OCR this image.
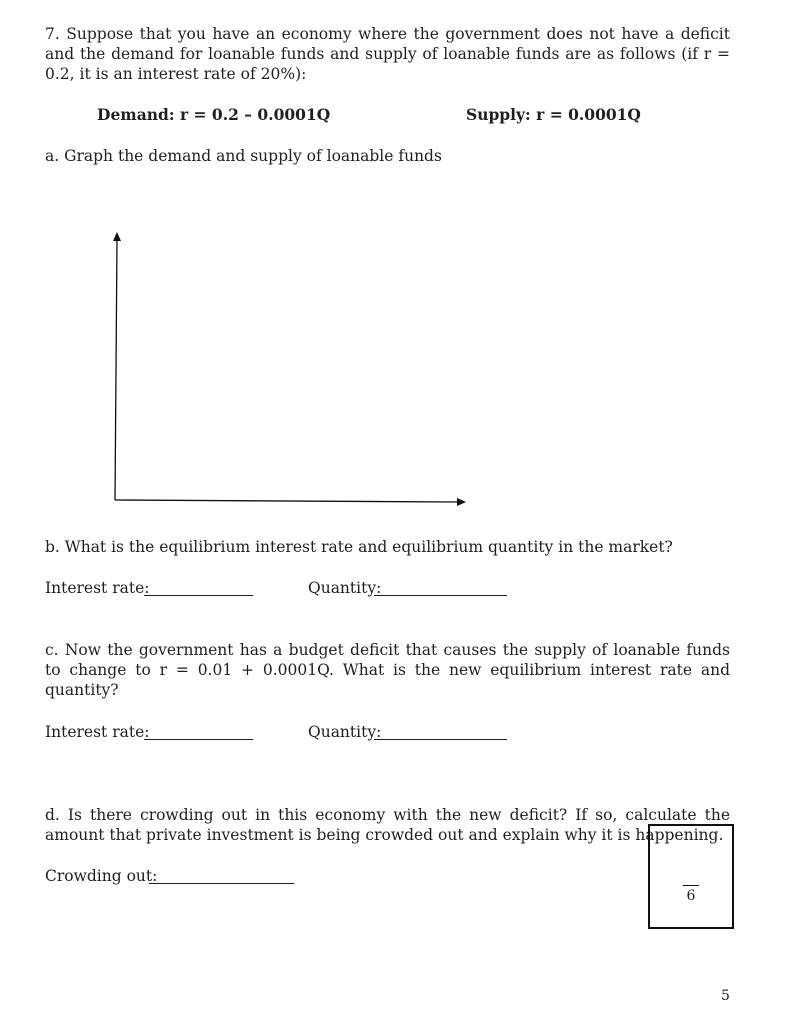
7. Suppose that you have an economy where the government does not have a deficit and the demand for loanable funds and supply of loanable funds are as follows (if r = 0.2, it is an interest rate of 20%):
Demand: r = 0.2 – 0.0001Q	Supply: r = 0.0001Q
a. Graph the demand and supply of loanable funds
b. What is the equilibrium interest rate and equilibrium quantity in the market?
Interest rate:	Quantity:
c. Now the government has a budget deficit that causes the supply of loanable funds to change to r = 0.01 + 0.0001Q. What is the new equilibrium interest rate and quantity?
Interest rate:	Quantity:
d. Is there crowding out in this economy with the new deficit? If so, calculate the amount that private investment is being crowded out and explain why it is happening.
Crowding out:
6
5
